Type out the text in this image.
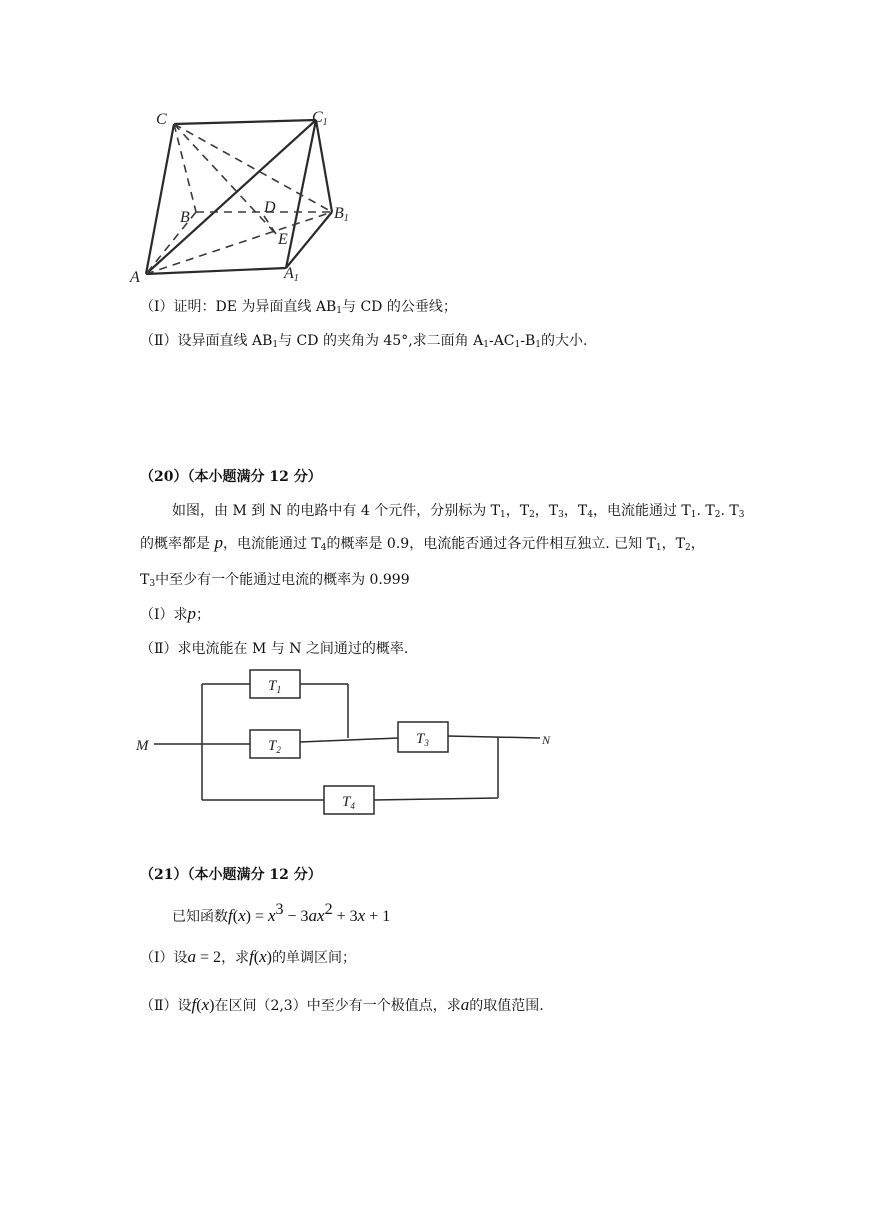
C	C1
B
D	B1
E
A	A1
（Ⅰ）证明：DE 为异面直线 $AB_1$与 CD 的公垂线；
（Ⅱ）设异面直线 $AB_1$与 CD 的夹角为 45°,求二面角 $A_1-AC_1-B_1$的大小.
（20）（本小题满分 12 分）
如图，由 M 到 N 的电路中有 4 个元件，分别标为 $T_1$，$T_2$，$T_3$，$T_4$，电流能通过 $T_1$. $T_2$. $T_3$
的概率都是 p，电流能通过 $T_4$的概率是 0.9，电流能否通过各元件相互独立. 已知 $T_1$，$T_2$，
$T_3$中至少有一个能通过电流的概率为 0.999
（Ⅰ）求p；
（Ⅱ）求电流能在 M 与 N 之间通过的概率.
M	N
$T_1$
$T_2$
$T_3$
$T_4$
（21）（本小题满分 12 分）
已知函数$f(x) = x^3 - 3ax^2 + 3x + 1$
（Ⅰ）设a = 2，求f(x)的单调区间；
（Ⅱ）设f(x)在区间（2,3）中至少有一个极值点，求a的取值范围.
